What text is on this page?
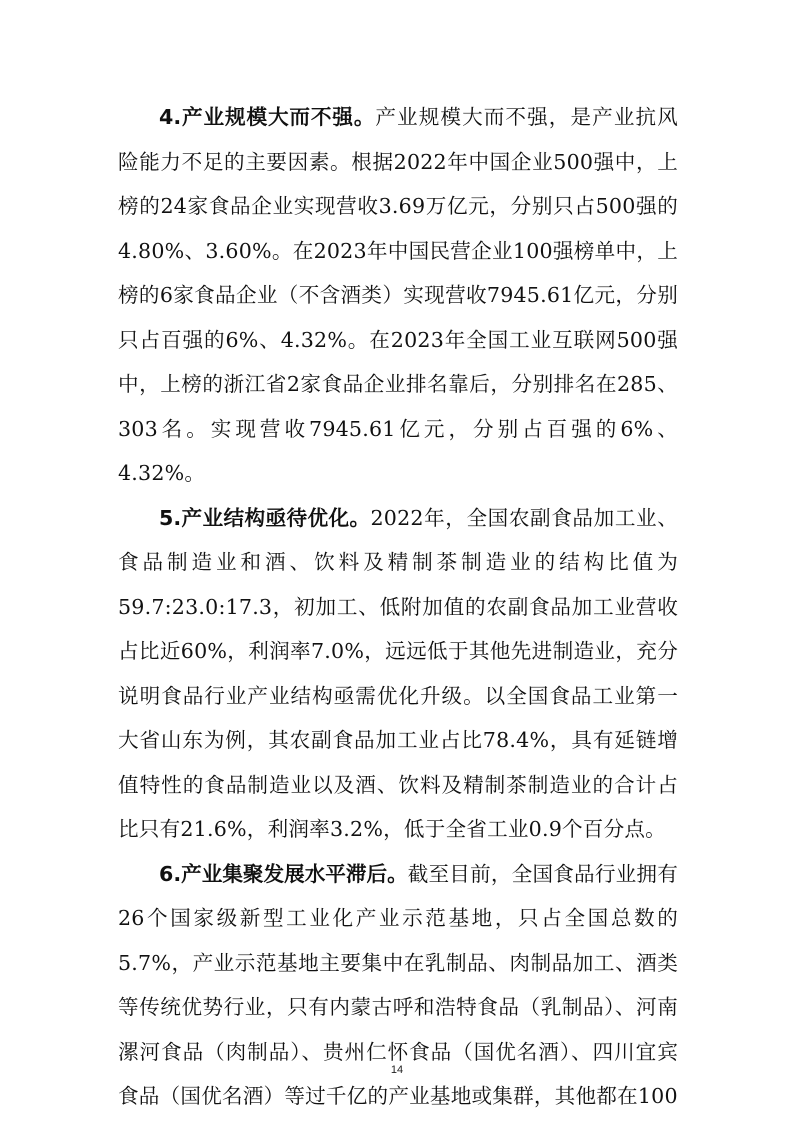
4.产业规模大而不强。产业规模大而不强，是产业抗风险能力不足的主要因素。根据2022年中国企业500强中，上榜的24家食品企业实现营收3.69万亿元，分别只占500强的4.80%、3.60%。在2023年中国民营企业100强榜单中，上榜的6家食品企业（不含酒类）实现营收7945.61亿元，分别只占百强的6%、4.32%。在2023年全国工业互联网500强中，上榜的浙江省2家食品企业排名靠后，分别排名在285、303名。实现营收7945.61亿元，分别占百强的6%、4.32%。

5.产业结构亟待优化。2022年，全国农副食品加工业、食品制造业和酒、饮料及精制茶制造业的结构比值为59.7:23.0:17.3，初加工、低附加值的农副食品加工业营收占比近60%，利润率7.0%，远远低于其他先进制造业，充分说明食品行业产业结构亟需优化升级。以全国食品工业第一大省山东为例，其农副食品加工业占比78.4%，具有延链增值特性的食品制造业以及酒、饮料及精制茶制造业的合计占比只有21.6%，利润率3.2%，低于全省工业0.9个百分点。

6.产业集聚发展水平滞后。截至目前，全国食品行业拥有26个国家级新型工业化产业示范基地，只占全国总数的5.7%，产业示范基地主要集中在乳制品、肉制品加工、酒类等传统优势行业，只有内蒙古呼和浩特食品（乳制品）、河南漯河食品（肉制品）、贵州仁怀食品（国优名酒）、四川宜宾食品（国优名酒）等过千亿的产业基地或集群，其他都在100

14
